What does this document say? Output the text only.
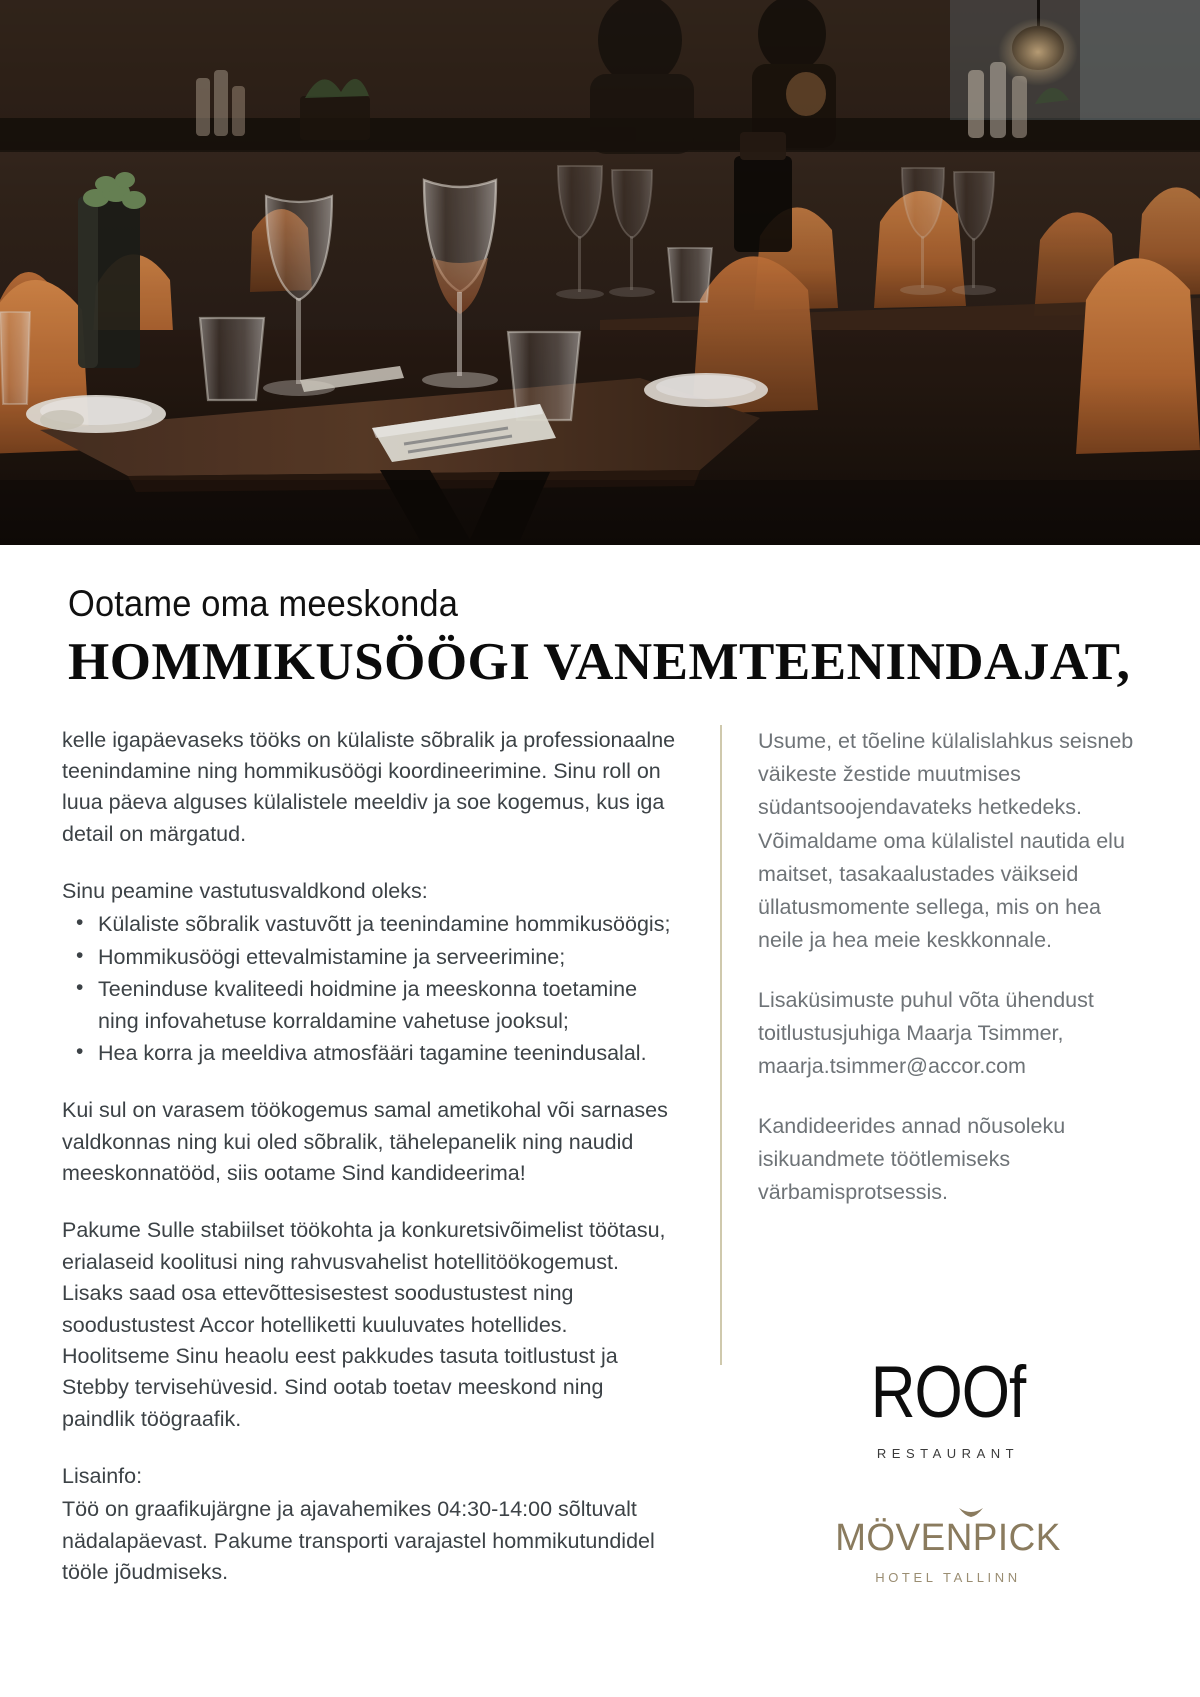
Ootame oma meeskonda
HOMMIKUSÖÖGI VANEMTEENINDAJAT,

kelle igapäevaseks tööks on külaliste sõbralik ja professionaalne teenindamine ning hommikusöögi koordineerimine. Sinu roll on luua päeva alguses külalistele meeldiv ja soe kogemus, kus iga detail on märgatud.

Sinu peamine vastutusvaldkond oleks:

• Külaliste sõbralik vastuvõtt ja teenindamine hommikusöögis;
• Hommikusöögi ettevalmistamine ja serveerimine;
• Teeninduse kvaliteedi hoidmine ja meeskonna toetamine ning infovahetuse korraldamine vahetuse jooksul;
• Hea korra ja meeldiva atmosfääri tagamine teenindusalal.

Kui sul on varasem töökogemus samal ametikohal või sarnases valdkonnas ning kui oled sõbralik, tähelepanelik ning naudid meeskonnatööd, siis ootame Sind kandideerima!

Pakume Sulle stabiilset töökohta ja konkuretsivõimelist töötasu, erialaseid koolitusi ning rahvusvahelist hotellitöökogemust. Lisaks saad osa ettevõttesisestest soodustustest ning soodustustest Accor hotelliketti kuuluvates hotellides. Hoolitseme Sinu heaolu eest pakkudes tasuta toitlustust ja Stebby tervisehüvesid. Sind ootab toetav meeskond ning paindlik töögraafik.

Lisainfo:

Töö on graafikujärgne ja ajavahemikes 04:30-14:00 sõltuvalt nädalapäevast. Pakume transporti varajastel hommikutundidel tööle jõudmiseks.

Usume, et tõeline külalislahkus seisneb väikeste žestide muutmises südantsoojendavateks hetkedeks. Võimaldame oma külalistel nautida elu maitset, tasakaalustades väikseid üllatusmomente sellega, mis on hea neile ja hea meie keskkonnale.

Lisaküsimuste puhul võta ühendust toitlustusjuhiga Maarja Tsimmer, maarja.tsimmer@accor.com

Kandideerides annad nõusoleku isikuandmete töötlemiseks värbamisprotsessis.

ROOf
RESTAURANT
MÖVENPICK
HOTEL TALLINN
